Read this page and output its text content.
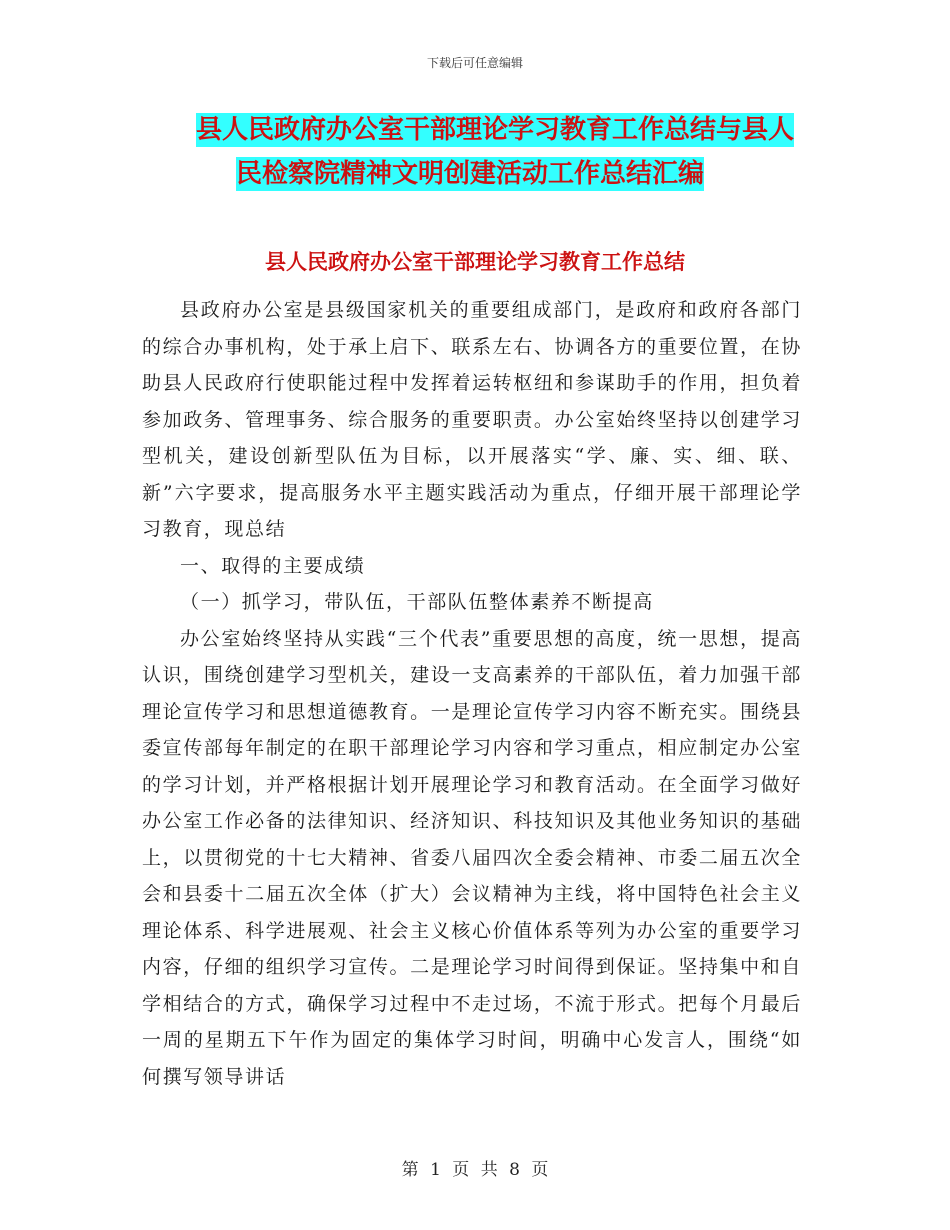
下载后可任意编辑
县人民政府办公室干部理论学习教育工作总结与县人
民检察院精神文明创建活动工作总结汇编
县人民政府办公室干部理论学习教育工作总结

县政府办公室是县级国家机关的重要组成部门，是政府和政府各部门的综合办事机构，处于承上启下、联系左右、协调各方的重要位置，在协助县人民政府行使职能过程中发挥着运转枢纽和参谋助手的作用，担负着参加政务、管理事务、综合服务的重要职责。办公室始终坚持以创建学习型机关，建设创新型队伍为目标，以开展落实“学、廉、实、细、联、新”六字要求，提高服务水平主题实践活动为重点，仔细开展干部理论学习教育，现总结

一、取得的主要成绩

（一）抓学习，带队伍，干部队伍整体素养不断提高

办公室始终坚持从实践“三个代表”重要思想的高度，统一思想，提高认识，围绕创建学习型机关，建设一支高素养的干部队伍，着力加强干部理论宣传学习和思想道德教育。一是理论宣传学习内容不断充实。围绕县委宣传部每年制定的在职干部理论学习内容和学习重点，相应制定办公室的学习计划，并严格根据计划开展理论学习和教育活动。在全面学习做好办公室工作必备的法律知识、经济知识、科技知识及其他业务知识的基础上，以贯彻党的十七大精神、省委八届四次全委会精神、市委二届五次全会和县委十二届五次全体（扩大）会议精神为主线，将中国特色社会主义理论体系、科学进展观、社会主义核心价值体系等列为办公室的重要学习内容，仔细的组织学习宣传。二是理论学习时间得到保证。坚持集中和自学相结合的方式，确保学习过程中不走过场，不流于形式。把每个月最后一周的星期五下午作为固定的集体学习时间，明确中心发言人，围绕“如何撰写领导讲话

第 1 页 共 8 页
